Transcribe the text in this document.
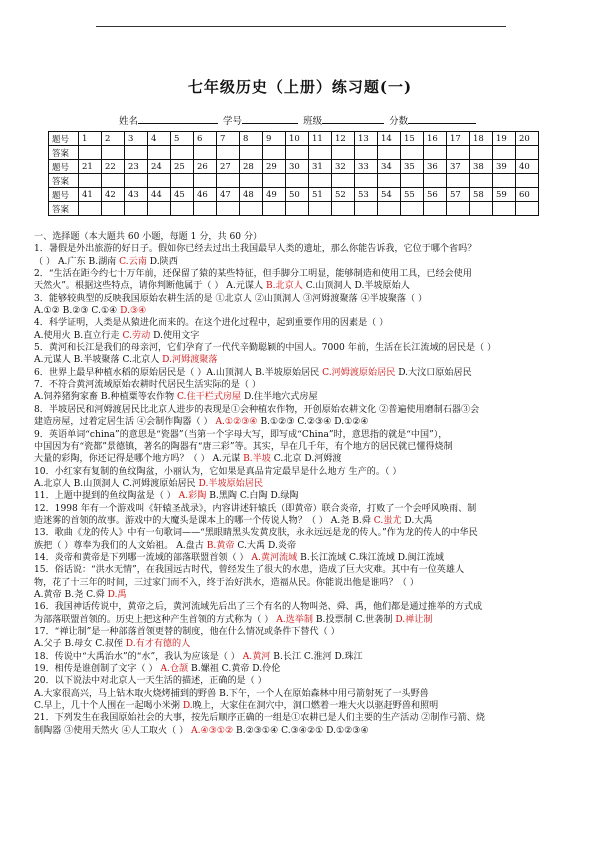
七年级历史（上册）练习题(一)
姓名	学号	班级	分数
题号	1	2	3	4	5	6	7	8	9	10	11	12	13	14	15	16	17	18	19	20
答案																				
题号	21	22	23	24	25	26	27	28	29	30	31	32	33	34	35	36	37	38	39	40
答案																				
题号	41	42	43	44	45	46	47	48	49	50	51	52	53	54	55	56	57	58	59	60
答案																				

一、选择题（本大题共 60 小题，每题 1 分，共 60 分）

1．暑假是外出旅游的好日子。假如你已经去过出土我国最早人类的遗址，那么你能告诉我，它位于哪个省吗？

（ ） A.广东 B.湖南 C.云南 D.陕西

2．“生活在距今约七十万年前，还保留了猿的某些特征，但手脚分工明显，能够制造和使用工具，已经会使用

天然火”。根据这些特点，请你判断他属于（ ） A.元谋人 B.北京人 C.山顶洞人 D.半坡原始人

3．能够较典型的反映我国原始农耕生活的是 ①北京人 ②山顶洞人 ③河姆渡聚落 ④半坡聚落（ ）

A.①② B.②③ C.①④ D.③④

4．科学证明，人类是从猿进化而来的。在这个进化过程中，起到重要作用的因素是（ ）

A.使用火 B.直立行走 C.劳动 D.使用文字

5．黄河和长江是我们的母亲河，它们孕育了一代代辛勤聪颖的中国人。7000 年前，生活在长江流域的居民是（ ）

A.元谋人 B.半坡聚落 C.北京人 D.河姆渡聚落

6．世界上最早种植水稻的原始居民是（ ）A.山顶洞人 B.半坡原始居民 C.河姆渡原始居民 D.大汶口原始居民

7．不符合黄河流域原始农耕时代居民生活实际的是（ ）

A.饲养猪狗家畜 B.种植粟等农作物 C.住干栏式房屋 D.住半地穴式房屋

8．半坡居民和河姆渡居民比北京人进步的表现是①会种植农作物，开创原始农耕文化 ②普遍使用磨制石器③会

建造房屋，过着定居生活 ④会制作陶器（ ） A.①②③④ B.①②③ C.②③④ D.①②④

9．英语单词“china”的意思是“瓷器”（当第一个字母大写，即写成“China”时，意思指的就是“中国”），

中国因为有“瓷都”景德镇，著名的陶器有“唐三彩”等。其实，早在几千年，有个地方的居民就已懂得烧制

大量的彩陶，你还记得是哪个地方吗？（ ） A.元谋 B.半坡 C.北京 D.河姆渡

10．小红家有复制的鱼纹陶盆，小丽认为，它如果是真品肯定最早是什么地方 生产的。（ ）

A.北京人 B.山顶洞人 C.河姆渡原始居民 D.半坡原始居民

11．上题中提到的鱼纹陶盆是（ ） A.彩陶 B.黑陶 C.白陶 D.绿陶

12．1998 年有一个游戏叫《轩辕圣战录》，内容讲述轩辕氏（即黄帝）联合炎帝，打败了一个会呼风唤雨、制

造迷雾的首领的故事。游戏中的大魔头是课本上的哪一个传说人物？（ ） A.尧 B.舜 C.蚩尤 D.大禹

13．歌曲《龙的传人》中有一句歌词——“黑眼睛黑头发黄皮肤，永永远远是龙的传人。”作为龙的传人的中华民

族把（ ）尊奉为我们的人文始祖。 A.盘古 B.黄帝 C.大禹 D.炎帝

14．炎帝和黄帝是下列哪一流域的部落联盟首领（ ） A.黄河流域 B.长江流域 C.珠江流域 D.闽江流域

15．俗话说：“洪水无情”，在我国远古时代，曾经发生了很大的水患，造成了巨大灾难。其中有一位英雄人

物，花了十三年的时间，三过家门而不入，终于治好洪水，造福从民。你能说出他是谁吗？（ ）

A.黄帝 B.尧 C.舜 D.禹

16．我国神话传说中，黄帝之后，黄河流域先后出了三个有名的人物叫尧、舜、禹，他们都是通过推举的方式成

为部落联盟首领的。历史上把这种产生首领的方式称为（ ） A.选举制 B.投票制 C.世袭制 D.禅让制

17．“禅让制”是一种部落首领更替的制度，他在什么情况或条件下替代（ ）

A.父子 B.母女 C.叔侄 D.有才有德的人

18．传说中“大禹治水”的“水”，我认为应该是（ ） A.黄河 B.长江 C.淮河 D.珠江

19．相传是谁创制了文字（ ） A.仓颉 B.嫘祖 C.黄帝 D.伶伦

20．以下说法中对北京人一天生活的描述，正确的是（ ）

A.大家很高兴，马上钻木取火烧烤捕到的野兽 B.下午，一个人在原始森林中用弓箭射死了一头野兽

C.早上，几十个人围在一起喝小米粥 D.晚上，大家住在洞穴中，洞口燃着一堆大火以驱赶野兽和照明

21．下列发生在我国原始社会的大事，按先后顺序正确的一组是①农耕已是人们主要的生产活动 ②制作弓箭、烧

制陶器 ③使用天然火 ④人工取火（ ） A.④③①② B.②③①④ C.③④②① D.①②③④
